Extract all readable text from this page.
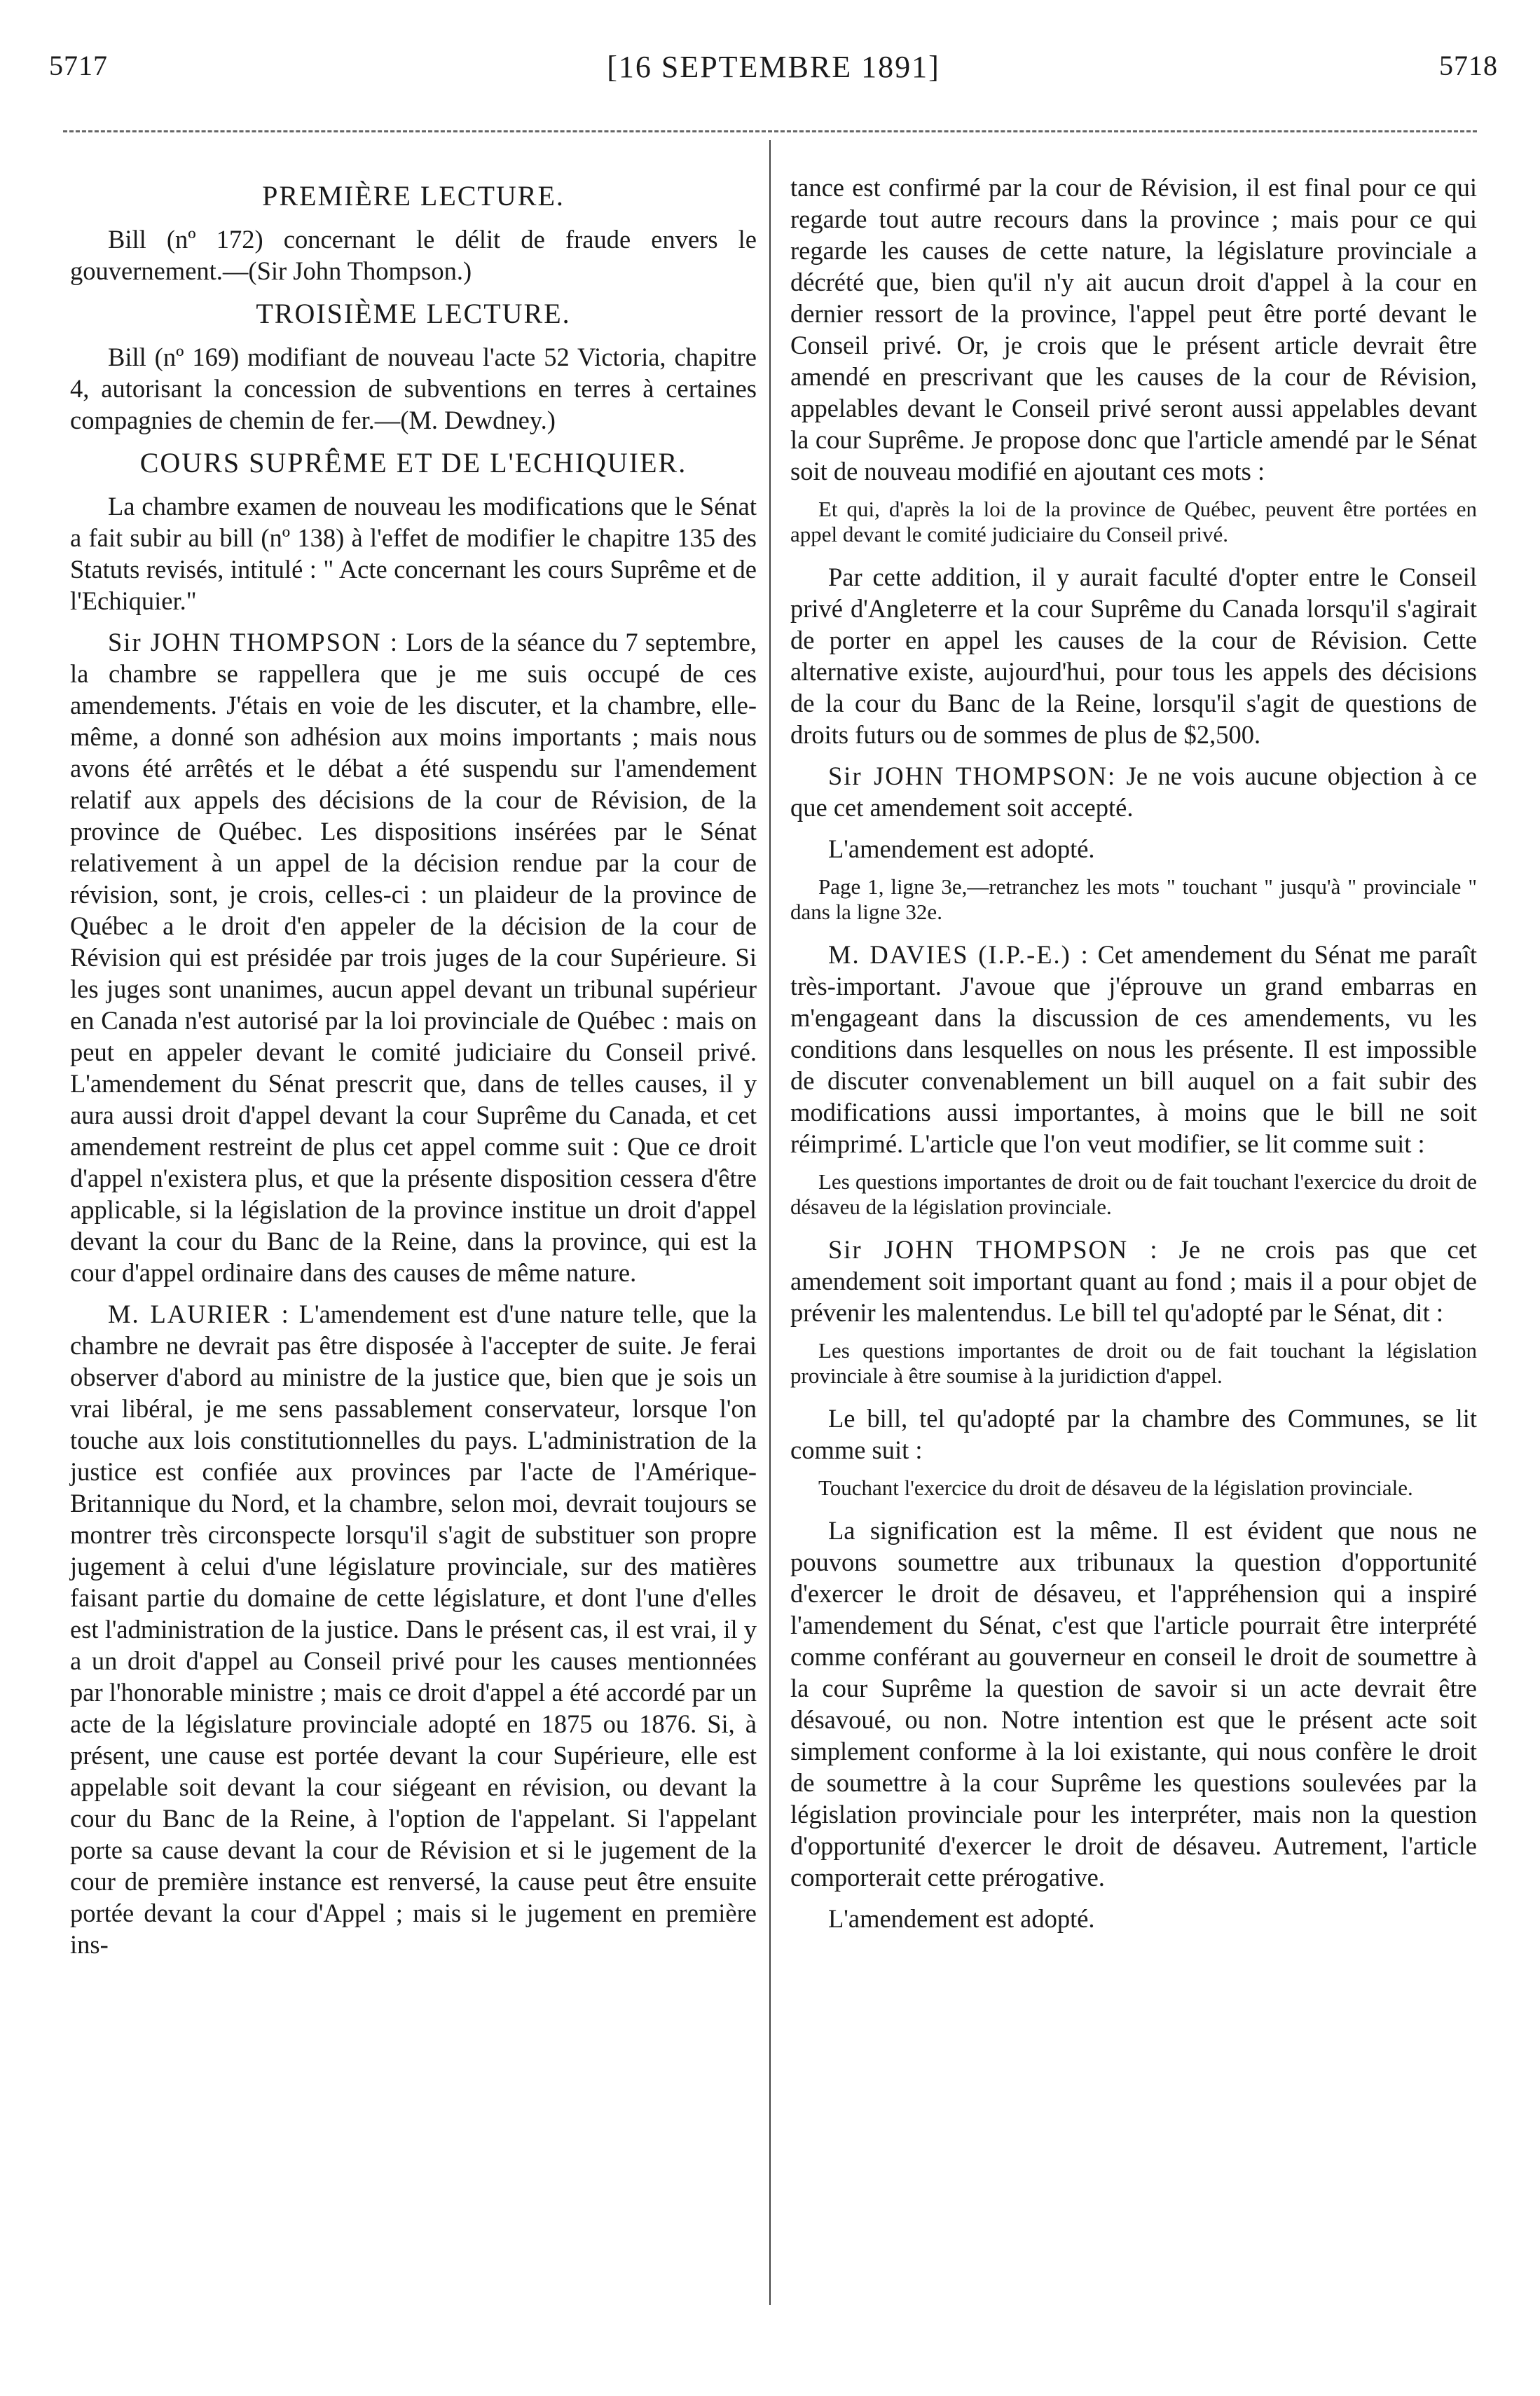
5717	[16 SEPTEMBRE 1891]	5718
PREMIÈRE LECTURE.

Bill (nº 172) concernant le délit de fraude envers le gouvernement.—(Sir John Thompson.)

TROISIÈME LECTURE.

Bill (nº 169) modifiant de nouveau l'acte 52 Victoria, chapitre 4, autorisant la concession de subventions en terres à certaines compagnies de chemin de fer.—(M. Dewdney.)

COURS SUPRÊME ET DE L'ECHIQUIER.

La chambre examen de nouveau les modifications que le Sénat a fait subir au bill (nº 138) à l'effet de modifier le chapitre 135 des Statuts revisés, intitulé : " Acte concernant les cours Suprême et de l'Echiquier."

Sir JOHN THOMPSON : Lors de la séance du 7 septembre, la chambre se rappellera que je me suis occupé de ces amendements. J'étais en voie de les discuter, et la chambre, elle-même, a donné son adhésion aux moins importants ; mais nous avons été arrêtés et le débat a été suspendu sur l'amendement relatif aux appels des décisions de la cour de Révision, de la province de Québec. Les dispositions insérées par le Sénat relativement à un appel de la décision rendue par la cour de révision, sont, je crois, celles-ci : un plaideur de la province de Québec a le droit d'en appeler de la décision de la cour de Révision qui est présidée par trois juges de la cour Supérieure. Si les juges sont unanimes, aucun appel devant un tribunal supérieur en Canada n'est autorisé par la loi provinciale de Québec : mais on peut en appeler devant le comité judiciaire du Conseil privé. L'amendement du Sénat prescrit que, dans de telles causes, il y aura aussi droit d'appel devant la cour Suprême du Canada, et cet amendement restreint de plus cet appel comme suit : Que ce droit d'appel n'existera plus, et que la présente disposition cessera d'être applicable, si la législation de la province institue un droit d'appel devant la cour du Banc de la Reine, dans la province, qui est la cour d'appel ordinaire dans des causes de même nature.

M. LAURIER : L'amendement est d'une nature telle, que la chambre ne devrait pas être disposée à l'accepter de suite. Je ferai observer d'abord au ministre de la justice que, bien que je sois un vrai libéral, je me sens passablement conservateur, lorsque l'on touche aux lois constitutionnelles du pays. L'administration de la justice est confiée aux provinces par l'acte de l'Amérique-Britannique du Nord, et la chambre, selon moi, devrait toujours se montrer très circonspecte lorsqu'il s'agit de substituer son propre jugement à celui d'une législature provinciale, sur des matières faisant partie du domaine de cette législature, et dont l'une d'elles est l'administration de la justice. Dans le présent cas, il est vrai, il y a un droit d'appel au Conseil privé pour les causes mentionnées par l'honorable ministre ; mais ce droit d'appel a été accordé par un acte de la législature provinciale adopté en 1875 ou 1876. Si, à présent, une cause est portée devant la cour Supérieure, elle est appelable soit devant la cour siégeant en révision, ou devant la cour du Banc de la Reine, à l'option de l'appelant. Si l'appelant porte sa cause devant la cour de Révision et si le jugement de la cour de première instance est renversé, la cause peut être ensuite portée devant la cour d'Appel ; mais si le jugement en première ins-

tance est confirmé par la cour de Révision, il est final pour ce qui regarde tout autre recours dans la province ; mais pour ce qui regarde les causes de cette nature, la législature provinciale a décrété que, bien qu'il n'y ait aucun droit d'appel à la cour en dernier ressort de la province, l'appel peut être porté devant le Conseil privé. Or, je crois que le présent article devrait être amendé en prescrivant que les causes de la cour de Révision, appelables devant le Conseil privé seront aussi appelables devant la cour Suprême. Je propose donc que l'article amendé par le Sénat soit de nouveau modifié en ajoutant ces mots :

Et qui, d'après la loi de la province de Québec, peuvent être portées en appel devant le comité judiciaire du Conseil privé.

Par cette addition, il y aurait faculté d'opter entre le Conseil privé d'Angleterre et la cour Suprême du Canada lorsqu'il s'agirait de porter en appel les causes de la cour de Révision. Cette alternative existe, aujourd'hui, pour tous les appels des décisions de la cour du Banc de la Reine, lorsqu'il s'agit de questions de droits futurs ou de sommes de plus de $2,500.

Sir JOHN THOMPSON: Je ne vois aucune objection à ce que cet amendement soit accepté.

L'amendement est adopté.

Page 1, ligne 3e,—retranchez les mots " touchant " jusqu'à " provinciale " dans la ligne 32e.

M. DAVIES (I.P.-E.) : Cet amendement du Sénat me paraît très-important. J'avoue que j'éprouve un grand embarras en m'engageant dans la discussion de ces amendements, vu les conditions dans lesquelles on nous les présente. Il est impossible de discuter convenablement un bill auquel on a fait subir des modifications aussi importantes, à moins que le bill ne soit réimprimé. L'article que l'on veut modifier, se lit comme suit :

Les questions importantes de droit ou de fait touchant l'exercice du droit de désaveu de la législation provinciale.

Sir JOHN THOMPSON : Je ne crois pas que cet amendement soit important quant au fond ; mais il a pour objet de prévenir les malentendus. Le bill tel qu'adopté par le Sénat, dit :

Les questions importantes de droit ou de fait touchant la législation provinciale à être soumise à la juridiction d'appel.

Le bill, tel qu'adopté par la chambre des Communes, se lit comme suit :

Touchant l'exercice du droit de désaveu de la législation provinciale.

La signification est la même. Il est évident que nous ne pouvons soumettre aux tribunaux la question d'opportunité d'exercer le droit de désaveu, et l'appréhension qui a inspiré l'amendement du Sénat, c'est que l'article pourrait être interprété comme conférant au gouverneur en conseil le droit de soumettre à la cour Suprême la question de savoir si un acte devrait être désavoué, ou non. Notre intention est que le présent acte soit simplement conforme à la loi existante, qui nous confère le droit de soumettre à la cour Suprême les questions soulevées par la législation provinciale pour les interpréter, mais non la question d'opportunité d'exercer le droit de désaveu. Autrement, l'article comporterait cette prérogative.

L'amendement est adopté.
